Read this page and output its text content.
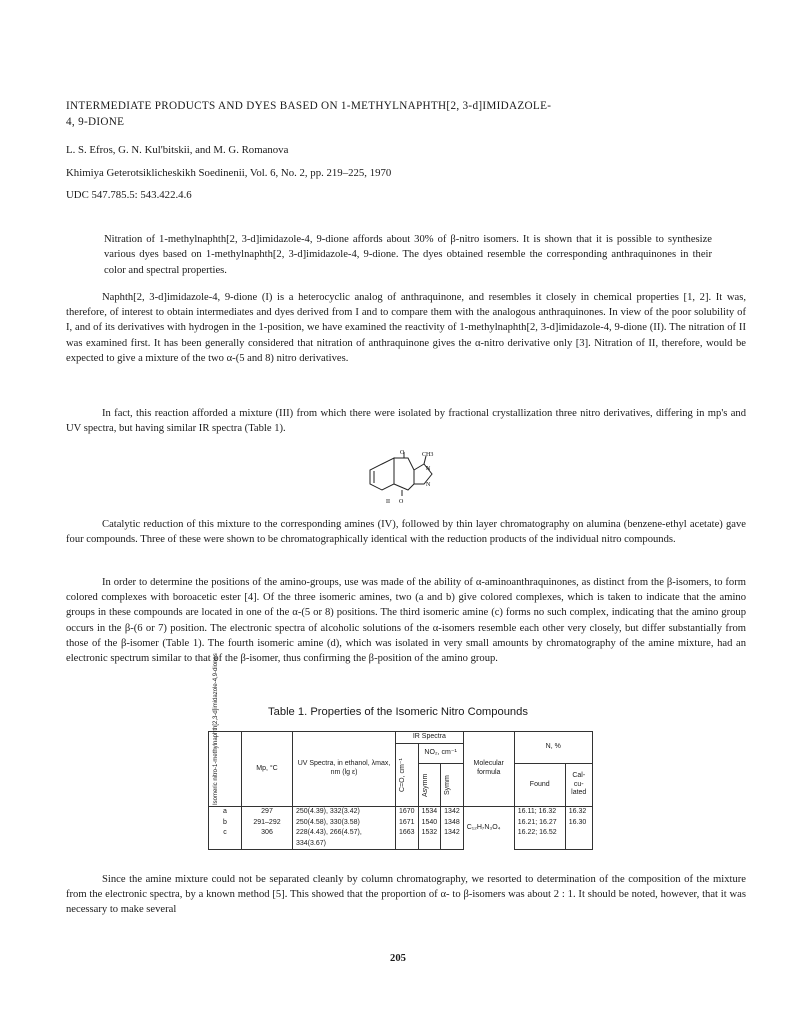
INTERMEDIATE PRODUCTS AND DYES BASED ON 1-METHYLNAPHTH[2, 3-d]IMIDAZOLE-
4, 9-DIONE
L. S. Efros, G. N. Kul'bitskii, and M. G. Romanova
Khimiya Geterotsiklicheskikh Soedinenii, Vol. 6, No. 2, pp. 219–225, 1970
UDC 547.785.5: 543.422.4.6
Nitration of 1-methylnaphth[2, 3-d]imidazole-4, 9-dione affords about 30% of β-nitro isomers. It is shown that it is possible to synthesize various dyes based on 1-methylnaphth[2, 3-d]imidazole-4, 9-dione. The dyes obtained resemble the corresponding anthraquinones in their color and spectral properties.

Naphth[2, 3-d]imidazole-4, 9-dione (I) is a heterocyclic analog of anthraquinone, and resembles it closely in chemical properties [1, 2]. It was, therefore, of interest to obtain intermediates and dyes derived from I and to compare them with the analogous anthraquinones. In view of the poor solubility of I, and of its derivatives with hydrogen in the 1-position, we have examined the reactivity of 1-methylnaphth[2, 3-d]imidazole-4, 9-dione (II). The nitration of II was examined first. It has been generally considered that nitration of anthraquinone gives the α-nitro derivative only [3]. Nitration of II, therefore, would be expected to give a mixture of the two α-(5 and 8) nitro derivatives.

In fact, this reaction afforded a mixture (III) from which there were isolated by fractional crystallization three nitro derivatives, differing in mp's and UV spectra, but having similar IR spectra (Table 1).

O	CH3
O
N
N
II

Catalytic reduction of this mixture to the corresponding amines (IV), followed by thin layer chromatography on alumina (benzene-ethyl acetate) gave four compounds. Three of these were shown to be chromatographically identical with the reduction products of the individual nitro compounds.

In order to determine the positions of the amino-groups, use was made of the ability of α-aminoanthraquinones, as distinct from the β-isomers, to form colored complexes with boroacetic ester [4]. Of the three isomeric amines, two (a and b) give colored complexes, which is taken to indicate that the amino groups in these compounds are located in one of the α-(5 or 8) positions. The third isomeric amine (c) forms no such complex, indicating that the amino group occurs in the β-(6 or 7) position. The electronic spectra of alcoholic solutions of the α-isomers resemble each other very closely, but differ substantially from those of the β-isomer (Table 1). The fourth isomeric amine (d), which was isolated in very small amounts by chromatography of the amine mixture, had an electronic spectrum similar to that of the β-isomer, thus confirming the β-position of the amino group.

Table 1. Properties of the Isomeric Nitro Compounds
Isomeric nitro-1-methylnaphth[2,3-d]imidazole-4,9-diones	Mp, °C	UV Spectra, in ethanol, λmax, nm (lg ε)	IR Spectra			Molecular formula	N, %	

			C=O, cm⁻¹	NO₂, cm⁻¹				

				Asymm	Symm		Found	Cal-cu-lated
a	297	250(4.39), 332(3.42)	1670	1534	1342	C₁₂H₇N₃O₄	16.11; 16.32	16.32
b	291–292	250(4.58), 330(3.58)	1671	1540	1348		16.21; 16.27	16.30
c	306	228(4.43), 266(4.57),	1663	1532	1342		16.22; 16.52	
		334(3.67)						

Since the amine mixture could not be separated cleanly by column chromatography, we resorted to determination of the composition of the mixture from the electronic spectra, by a known method [5]. This showed that the proportion of α- to β-isomers was about 2 : 1. It should be noted, however, that it was necessary to make several

205
